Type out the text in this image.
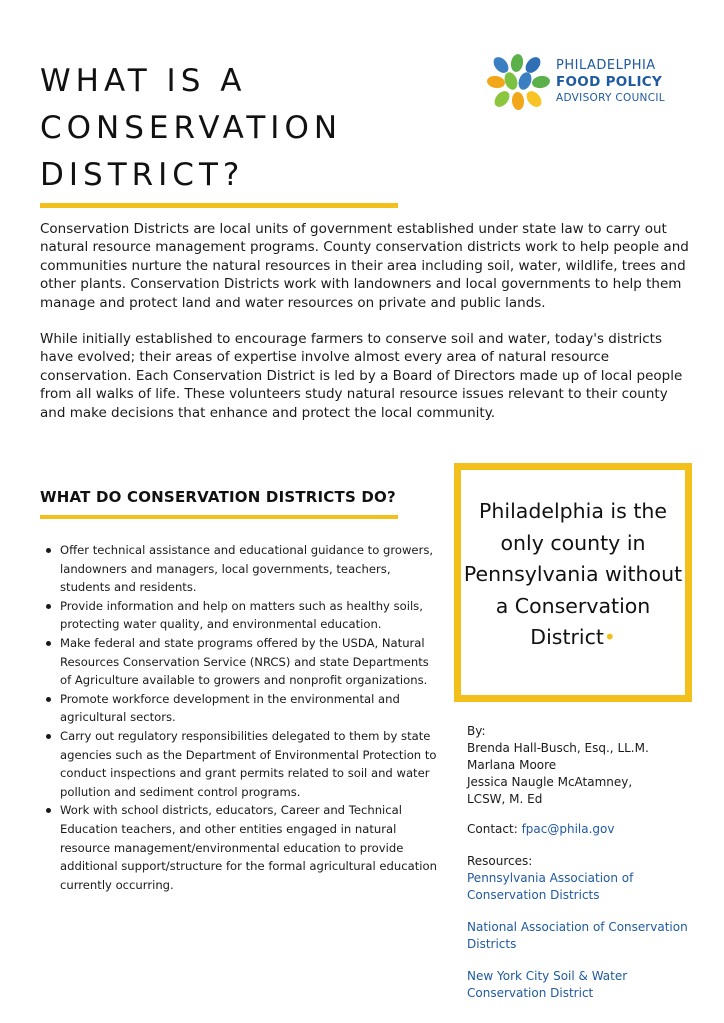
WHAT IS A
CONSERVATION
DISTRICT?
PHILADELPHIA
FOOD POLICY
ADVISORY COUNCIL

Conservation Districts are local units of government established under state law to carry out natural resource management programs. County conservation districts work to help people and communities nurture the natural resources in their area including soil, water, wildlife, trees and other plants. Conservation Districts work with landowners and local governments to help them manage and protect land and water resources on private and public lands.

While initially established to encourage farmers to conserve soil and water, today's districts have evolved; their areas of expertise involve almost every area of natural resource conservation. Each Conservation District is led by a Board of Directors made up of local people from all walks of life. These volunteers study natural resource issues relevant to their county and make decisions that enhance and protect the local community.

WHAT DO CONSERVATION DISTRICTS DO?
Offer technical assistance and educational guidance to growers, landowners and managers, local governments, teachers, students and residents.
Provide information and help on matters such as healthy soils, protecting water quality, and environmental education.
Make federal and state programs offered by the USDA, Natural Resources Conservation Service (NRCS) and state Departments of Agriculture available to growers and nonprofit organizations.
Promote workforce development in the environmental and agricultural sectors.
Carry out regulatory responsibilities delegated to them by state agencies such as the Department of Environmental Protection to conduct inspections and grant permits related to soil and water pollution and sediment control programs.
Work with school districts, educators, Career and Technical Education teachers, and other entities engaged in natural resource management/environmental education to provide additional support/structure for the formal agricultural education currently occurring.
Philadelphia is the only county in Pennsylvania without a Conservation District•
By:
Brenda Hall-Busch, Esq., LL.M.
Marlana Moore
Jessica Naugle McAtamney,
LCSW, M. Ed
Contact: fpac@phila.gov
Resources:
Pennsylvania Association of Conservation Districts
National Association of Conservation Districts
New York City Soil & Water Conservation District
